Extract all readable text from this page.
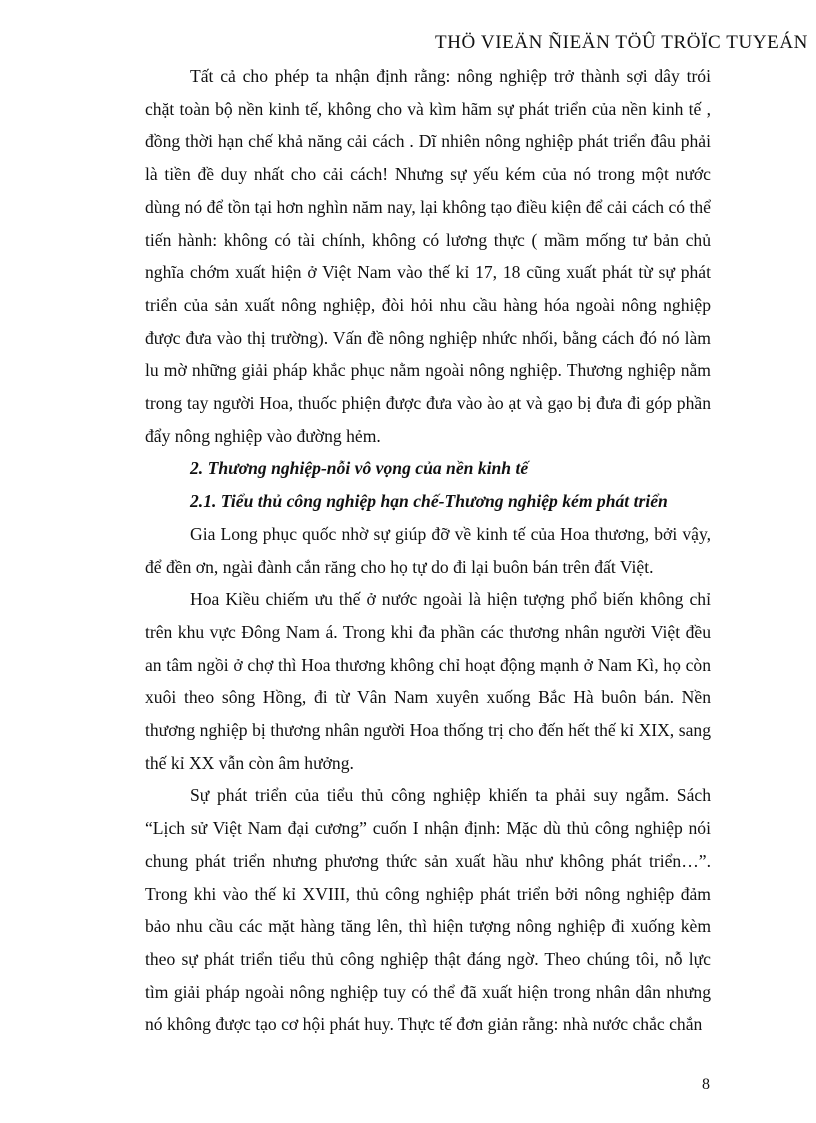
THÖ VIEÄN ÑIEÄN TÖÛ TRÖÏC TUYEÁN

Tất cả cho phép ta nhận định rằng: nông nghiệp trở thành sợi dây trói chặt toàn bộ nền kinh tế, không cho và kìm hãm sự phát triển của nền kinh tế , đồng thời hạn chế khả năng cải cách . Dĩ nhiên nông nghiệp phát triển đâu phải là tiền đề duy nhất cho cải cách! Nhưng sự yếu kém của nó trong một nước dùng nó để tồn tại hơn nghìn năm nay, lại không tạo điều kiện để cải cách có thể tiến hành: không có tài chính, không có lương thực ( mầm mống tư bản chủ nghĩa chớm xuất hiện ở Việt Nam vào thế kỉ 17, 18 cũng xuất phát từ sự phát triển của sản xuất nông nghiệp, đòi hỏi nhu cầu hàng hóa ngoài nông nghiệp được đưa vào thị trường). Vấn đề nông nghiệp nhức nhối, bằng cách đó nó làm lu mờ những giải pháp khắc phục nằm ngoài nông nghiệp. Thương nghiệp nằm trong tay người Hoa, thuốc phiện được đưa vào ào ạt và gạo bị đưa đi góp phần đẩy nông nghiệp vào đường hẻm.

2. Thương nghiệp-nỗi vô vọng của nền kinh tế

2.1. Tiểu thủ công nghiệp hạn chế-Thương nghiệp kém phát triển

Gia Long phục quốc nhờ sự giúp đỡ về kinh tế của Hoa thương, bởi vậy, để đền ơn, ngài đành cắn răng cho họ tự do đi lại buôn bán trên đất Việt.

Hoa Kiều chiếm ưu thế ở nước ngoài là hiện tượng phổ biến không chỉ trên khu vực Đông Nam á. Trong khi đa phần các thương nhân người Việt đều an tâm ngồi ở chợ thì Hoa thương không chỉ hoạt động mạnh ở Nam Kì, họ còn xuôi theo sông Hồng, đi từ Vân Nam xuyên xuống Bắc Hà buôn bán. Nền thương nghiệp bị thương nhân người Hoa thống trị cho đến hết thế kỉ XIX, sang thế kỉ XX vẫn còn âm hưởng.

Sự phát triển của tiểu thủ công nghiệp khiến ta phải suy ngẫm. Sách “Lịch sử Việt Nam đại cương” cuốn I nhận định: Mặc dù thủ công nghiệp nói chung phát triển nhưng phương thức sản xuất hầu như không phát triển…”. Trong khi vào thế kỉ XVIII, thủ công nghiệp phát triển bởi nông nghiệp đảm bảo nhu cầu các mặt hàng tăng lên, thì hiện tượng nông nghiệp đi xuống kèm theo sự phát triển tiểu thủ công nghiệp thật đáng ngờ. Theo chúng tôi, nỗ lực tìm giải pháp ngoài nông nghiệp tuy có thể đã xuất hiện trong nhân dân nhưng nó không được tạo cơ hội phát huy. Thực tế đơn giản rằng: nhà nước chắc chắn

8
